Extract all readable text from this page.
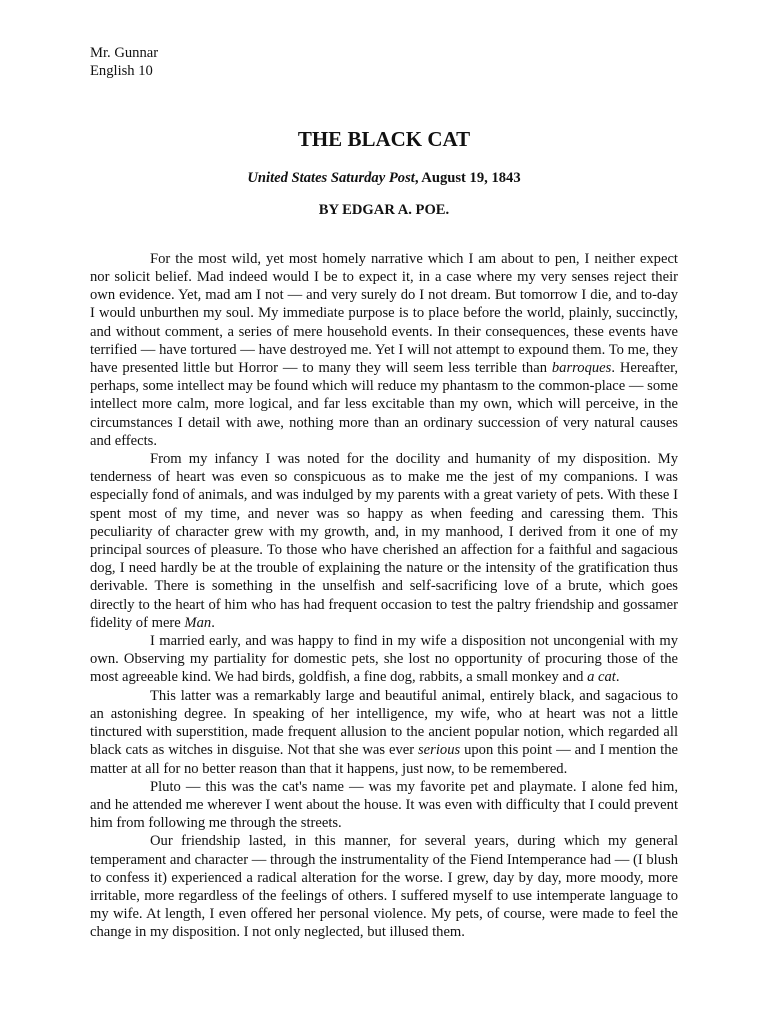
Mr. Gunnar

English 10

THE BLACK CAT

United States Saturday Post, August 19, 1843

BY EDGAR A. POE.

For the most wild, yet most homely narrative which I am about to pen, I neither expect nor solicit belief. Mad indeed would I be to expect it, in a case where my very senses reject their own evidence. Yet, mad am I not — and very surely do I not dream. But tomorrow I die, and to-day I would unburthen my soul. My immediate purpose is to place before the world, plainly, succinctly, and without comment, a series of mere household events. In their consequences, these events have terrified — have tortured — have destroyed me. Yet I will not attempt to expound them. To me, they have presented little but Horror — to many they will seem less terrible than barroques. Hereafter, perhaps, some intellect may be found which will reduce my phantasm to the common-place — some intellect more calm, more logical, and far less excitable than my own, which will perceive, in the circumstances I detail with awe, nothing more than an ordinary succession of very natural causes and effects.

From my infancy I was noted for the docility and humanity of my disposition. My tenderness of heart was even so conspicuous as to make me the jest of my companions. I was especially fond of animals, and was indulged by my parents with a great variety of pets. With these I spent most of my time, and never was so happy as when feeding and caressing them. This peculiarity of character grew with my growth, and, in my manhood, I derived from it one of my principal sources of pleasure. To those who have cherished an affection for a faithful and sagacious dog, I need hardly be at the trouble of explaining the nature or the intensity of the gratification thus derivable. There is something in the unselfish and self-sacrificing love of a brute, which goes directly to the heart of him who has had frequent occasion to test the paltry friendship and gossamer fidelity of mere Man.

I married early, and was happy to find in my wife a disposition not uncongenial with my own. Observing my partiality for domestic pets, she lost no opportunity of procuring those of the most agreeable kind. We had birds, goldfish, a fine dog, rabbits, a small monkey and a cat.

This latter was a remarkably large and beautiful animal, entirely black, and sagacious to an astonishing degree. In speaking of her intelligence, my wife, who at heart was not a little tinctured with superstition, made frequent allusion to the ancient popular notion, which regarded all black cats as witches in disguise. Not that she was ever serious upon this point — and I mention the matter at all for no better reason than that it happens, just now, to be remembered.

Pluto — this was the cat's name — was my favorite pet and playmate. I alone fed him, and he attended me wherever I went about the house. It was even with difficulty that I could prevent him from following me through the streets.

Our friendship lasted, in this manner, for several years, during which my general temperament and character — through the instrumentality of the Fiend Intemperance had — (I blush to confess it) experienced a radical alteration for the worse. I grew, day by day, more moody, more irritable, more regardless of the feelings of others. I suffered myself to use intemperate language to my wife. At length, I even offered her personal violence. My pets, of course, were made to feel the change in my disposition. I not only neglected, but illused them.
